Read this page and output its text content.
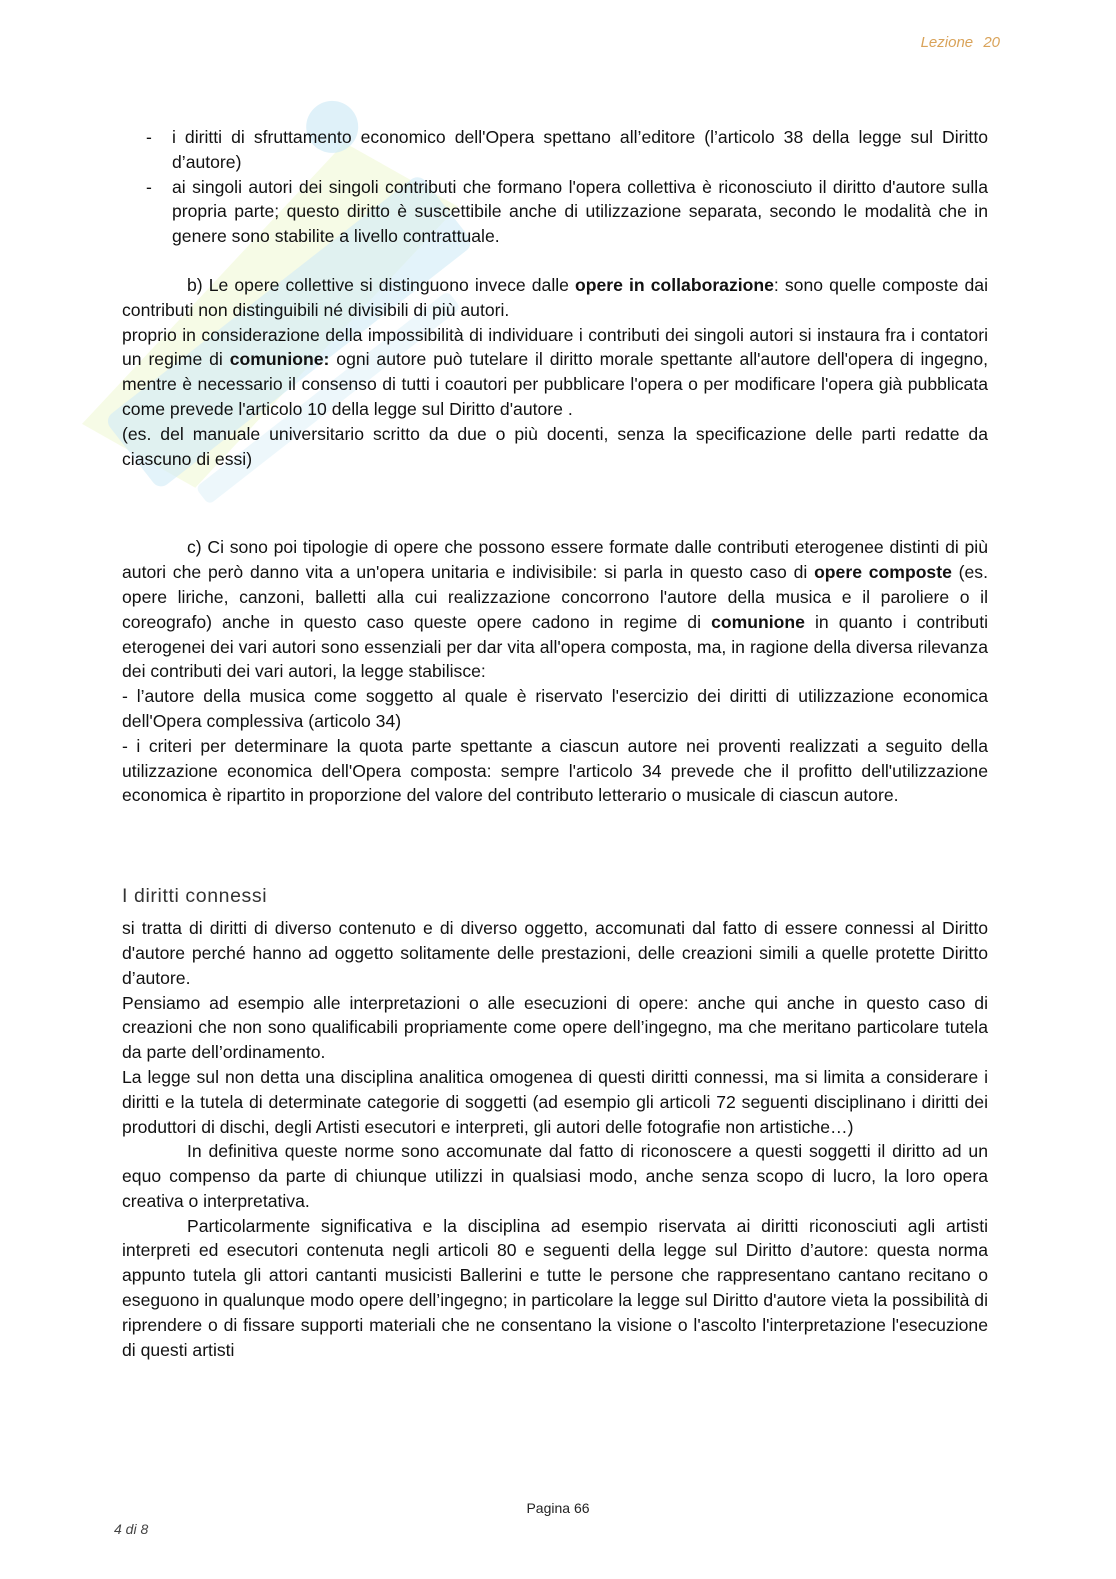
Lezione 20
-	i diritti di sfruttamento economico dell'Opera spettano all’editore (l’articolo 38 della legge sul Diritto d’autore)
-	ai singoli autori dei singoli contributi che formano l'opera collettiva è riconosciuto il diritto d'autore sulla propria parte; questo diritto è suscettibile anche di utilizzazione separata, secondo le modalità che in genere sono stabilite a livello contrattuale.

b) Le opere collettive si distinguono invece dalle opere in collaborazione: sono quelle composte dai contributi non distinguibili né divisibili di più autori.

proprio in considerazione della impossibilità di individuare i contributi dei singoli autori si instaura fra i contatori un regime di comunione: ogni autore può tutelare il diritto morale spettante all'autore dell'opera di ingegno, mentre è necessario il consenso di tutti i coautori per pubblicare l'opera o per modificare l'opera già pubblicata come prevede l'articolo 10 della legge sul Diritto d'autore .

(es. del manuale universitario scritto da due o più docenti, senza la specificazione delle parti redatte da ciascuno di essi)

c) Ci sono poi tipologie di opere che possono essere formate dalle contributi eterogenee distinti di più autori che però danno vita a un'opera unitaria e indivisibile: si parla in questo caso di opere composte (es. opere liriche, canzoni, balletti alla cui realizzazione concorrono l'autore della musica e il paroliere o il coreografo) anche in questo caso queste opere cadono in regime di comunione in quanto i contributi eterogenei dei vari autori sono essenziali per dar vita all'opera composta, ma, in ragione della diversa rilevanza dei contributi dei vari autori, la legge stabilisce:

- l’autore della musica come soggetto al quale è riservato l'esercizio dei diritti di utilizzazione economica dell'Opera complessiva (articolo 34)

- i criteri per determinare la quota parte spettante a ciascun autore nei proventi realizzati a seguito della utilizzazione economica dell'Opera composta: sempre l'articolo 34 prevede che il profitto dell'utilizzazione economica è ripartito in proporzione del valore del contributo letterario o musicale di ciascun autore.

I diritti connessi

si tratta di diritti di diverso contenuto e di diverso oggetto, accomunati dal fatto di essere connessi al Diritto d'autore perché hanno ad oggetto solitamente delle prestazioni, delle creazioni simili a quelle protette Diritto d’autore.

Pensiamo ad esempio alle interpretazioni o alle esecuzioni di opere: anche qui anche in questo caso di creazioni che non sono qualificabili propriamente come opere dell’ingegno, ma che meritano particolare tutela da parte dell’ordinamento.

La legge sul non detta una disciplina analitica omogenea di questi diritti connessi, ma si limita a considerare i diritti e la tutela di determinate categorie di soggetti (ad esempio gli articoli 72 seguenti disciplinano i diritti dei produttori di dischi, degli Artisti esecutori e interpreti, gli autori delle fotografie non artistiche…)

In definitiva queste norme sono accomunate dal fatto di riconoscere a questi soggetti il diritto ad un equo compenso da parte di chiunque utilizzi in qualsiasi modo, anche senza scopo di lucro, la loro opera creativa o interpretativa.

Particolarmente significativa e la disciplina ad esempio riservata ai diritti riconosciuti agli artisti interpreti ed esecutori contenuta negli articoli 80 e seguenti della legge sul Diritto d’autore: questa norma appunto tutela gli attori cantanti musicisti Ballerini e tutte le persone che rappresentano cantano recitano o eseguono in qualunque modo opere dell’ingegno; in particolare la legge sul Diritto d'autore vieta la possibilità di riprendere o di fissare supporti materiali che ne consentano la visione o l'ascolto l'interpretazione l'esecuzione di questi artisti

Pagina 66
4 di 8
